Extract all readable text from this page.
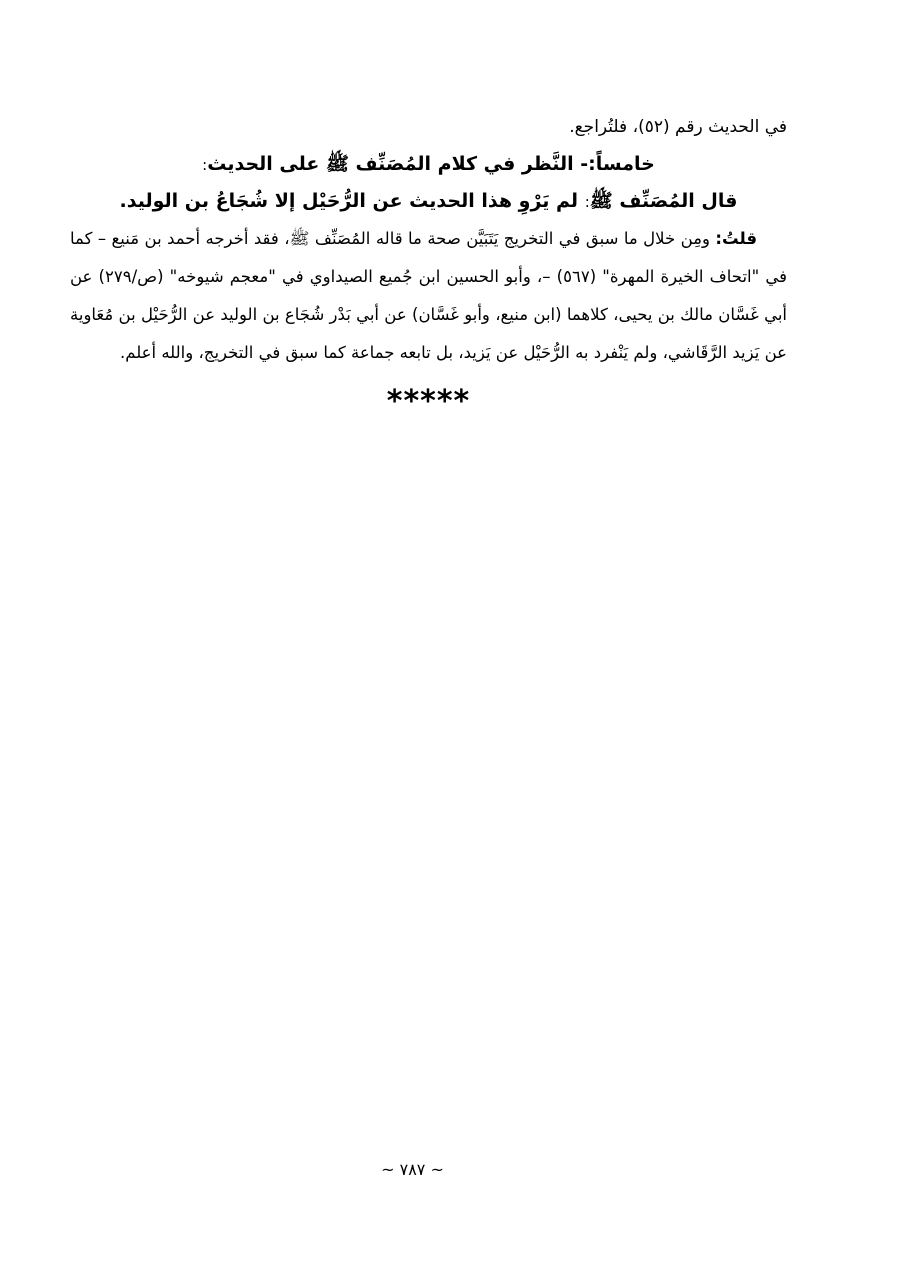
في الحديث رقم (٥٢)، فلتُراجع.
خامساً:- النَّظر في كلام المُصَنِّف ﷺ على الحديث:
قال المُصَنِّف ﷺ: لم يَرْوِ هذا الحديث عن الرُّحَيْل إلا شُجَاعُ بن الوليد.

قلتُ: ومِن خلال ما سبق في التخريج يَتَبَيَّن صحة ما قاله المُصَنِّف ﷺ، فقد أخرجه أحمد بن مَنيع – كما في "اتحاف الخيرة المهرة" (٥٦٧) –، وأبو الحسين ابن جُميع الصيداوي في "معجم شيوخه" (ص/٢٧٩) عن أبي غَسَّان مالك بن يحيى، كلاهما (ابن منيع، وأبو غَسَّان) عن أبي بَدْر شُجَاع بن الوليد عن الرُّحَيْل بن مُعَاوية عن يَزيد الرَّقَاشي، ولم يَنْفرد به الرُّحَيْل عن يَزيد، بل تابعه جماعة كما سبق في التخريج، والله أعلم.

*****
~ ٧٨٧ ~
